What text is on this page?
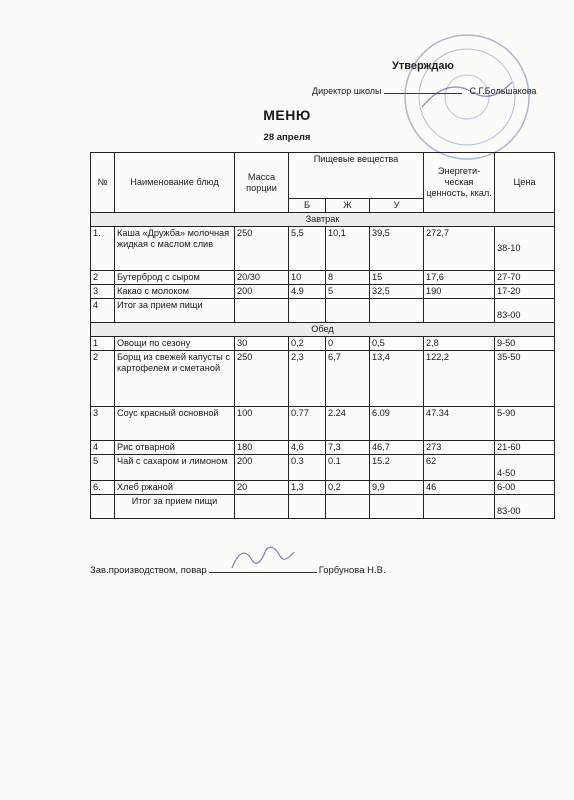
Утверждаю
Директор школы	С.Г.Большакова
МЕНЮ
28 апреля
№	Наименование блюд	Масса порции	Пищевые вещества			Энергети-ческая ценность, ккал.	Цена
			Б	Ж	У		
Завтрак							
1.	Каша «Дружба» молочная жидкая с маслом слив	250	5,5	10,1	39,5	272,7	38-10
2	Бутерброд с сыром	20/30	10	8	15	17,6	27-70
3	Какао с молоком	200	4.9	5	32,5	190	17-20
4	Итог за прием пищи						83-00
Обед							
1	Овощи по сезону	30	0,2	0	0,5	2,8	9-50
2	Борщ из свежей капусты с картофелем и сметаной	250	2,3	6,7	13,4	122,2	35-50
3	Соус красный основной	100	0.77	2.24	6.09	47.34	5-90
4	Рис отварной	180	4,6	7,3	46,7	273	21-60
5	Чай с сахаром и лимоном	200	0.3	0.1	15.2	62	4-50
6.	Хлеб ржаной	20	1,3	0,2	9,9	46	6-00
	Итог за прием пищи						83-00
Зав.производством, повар	Горбунова Н.В.
